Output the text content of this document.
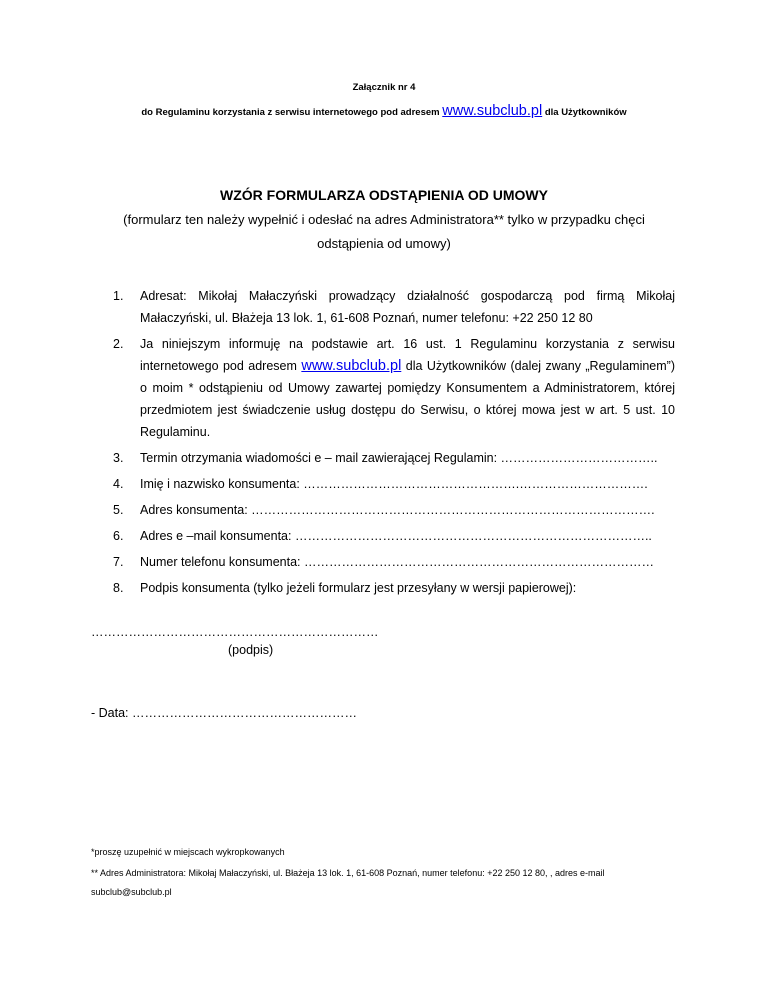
Załącznik nr 4
do Regulaminu korzystania z serwisu internetowego pod adresem www.subclub.pl dla Użytkowników
WZÓR FORMULARZA ODSTĄPIENIA OD UMOWY
(formularz ten należy wypełnić i odesłać na adres Administratora** tylko w przypadku chęci odstąpienia od umowy)
1. Adresat: Mikołaj Małaczyński prowadzący działalność gospodarczą pod firmą Mikołaj Małaczyński, ul. Błażeja 13 lok. 1, 61-608 Poznań, numer telefonu: +22 250 12 80
2. Ja niniejszym informuję na podstawie art. 16 ust. 1 Regulaminu korzystania z serwisu internetowego pod adresem www.subclub.pl dla Użytkowników (dalej zwany „Regulaminem”) o moim * odstąpieniu od Umowy zawartej pomiędzy Konsumentem a Administratorem, której przedmiotem jest świadczenie usług dostępu do Serwisu, o której mowa jest w art. 5 ust. 10 Regulaminu.
3. Termin otrzymania wiadomości e – mail zawierającej Regulamin: ………………………………..
4. Imię i nazwisko konsumenta: …………………………………………….………………………….
5. Adres konsumenta: …………………………………………………………………………………….
6. Adres e –mail konsumenta: …………………………………………………………………………..
7. Numer telefonu konsumenta: …………………………………………………………………………
8. Podpis konsumenta (tylko jeżeli formularz jest przesyłany w wersji papierowej):
……………………………………………………………
(podpis)
- Data: ………………………………………………
*proszę uzupełnić w miejscach wykropkowanych
** Adres Administratora: Mikołaj Małaczyński, ul. Błażeja 13 lok. 1, 61-608 Poznań, numer telefonu: +22 250 12 80, , adres e-mail subclub@subclub.pl
